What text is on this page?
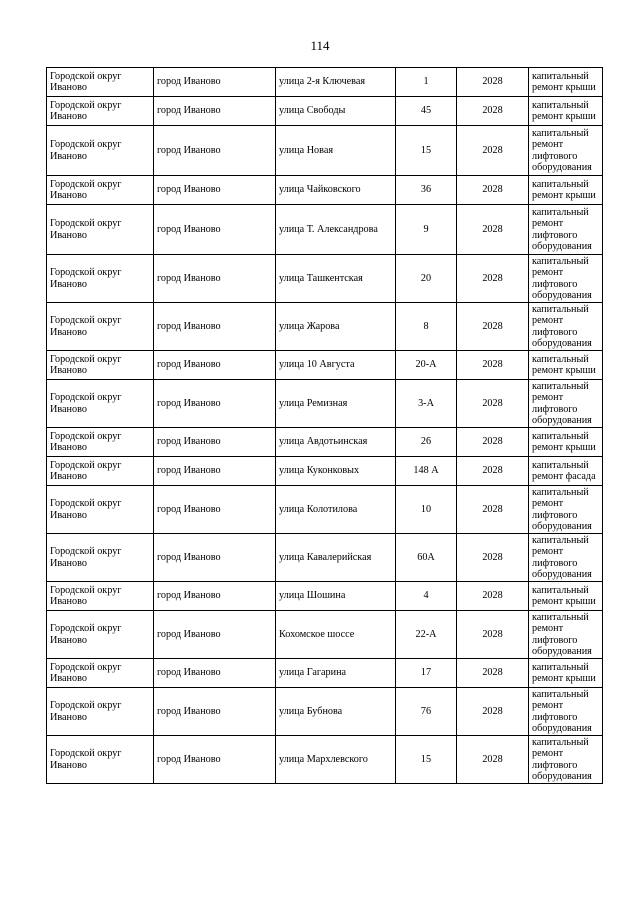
114
Городской округ Иваново	город Иваново	улица 2-я Ключевая	1	2028	капитальный ремонт крыши
Городской округ Иваново	город Иваново	улица Свободы	45	2028	капитальный ремонт крыши
Городской округ Иваново	город Иваново	улица Новая	15	2028	капитальный ремонт лифтового оборудования
Городской округ Иваново	город Иваново	улица Чайковского	36	2028	капитальный ремонт крыши
Городской округ Иваново	город Иваново	улица Т. Александрова	9	2028	капитальный ремонт лифтового оборудования
Городской округ Иваново	город Иваново	улица Ташкентская	20	2028	капитальный ремонт лифтового оборудования
Городской округ Иваново	город Иваново	улица Жарова	8	2028	капитальный ремонт лифтового оборудования
Городской округ Иваново	город Иваново	улица 10 Августа	20-А	2028	капитальный ремонт крыши
Городской округ Иваново	город Иваново	улица Ремизная	3-А	2028	капитальный ремонт лифтового оборудования
Городской округ Иваново	город Иваново	улица Авдотьинская	26	2028	капитальный ремонт крыши
Городской округ Иваново	город Иваново	улица Куконковых	148 А	2028	капитальный ремонт фасада
Городской округ Иваново	город Иваново	улица Колотилова	10	2028	капитальный ремонт лифтового оборудования
Городской округ Иваново	город Иваново	улица Кавалерийская	60А	2028	капитальный ремонт лифтового оборудования
Городской округ Иваново	город Иваново	улица Шошина	4	2028	капитальный ремонт крыши
Городской округ Иваново	город Иваново	Кохомское шоссе	22-А	2028	капитальный ремонт лифтового оборудования
Городской округ Иваново	город Иваново	улица Гагарина	17	2028	капитальный ремонт крыши
Городской округ Иваново	город Иваново	улица Бубнова	76	2028	капитальный ремонт лифтового оборудования
Городской округ Иваново	город Иваново	улица Мархлевского	15	2028	капитальный ремонт лифтового оборудования
